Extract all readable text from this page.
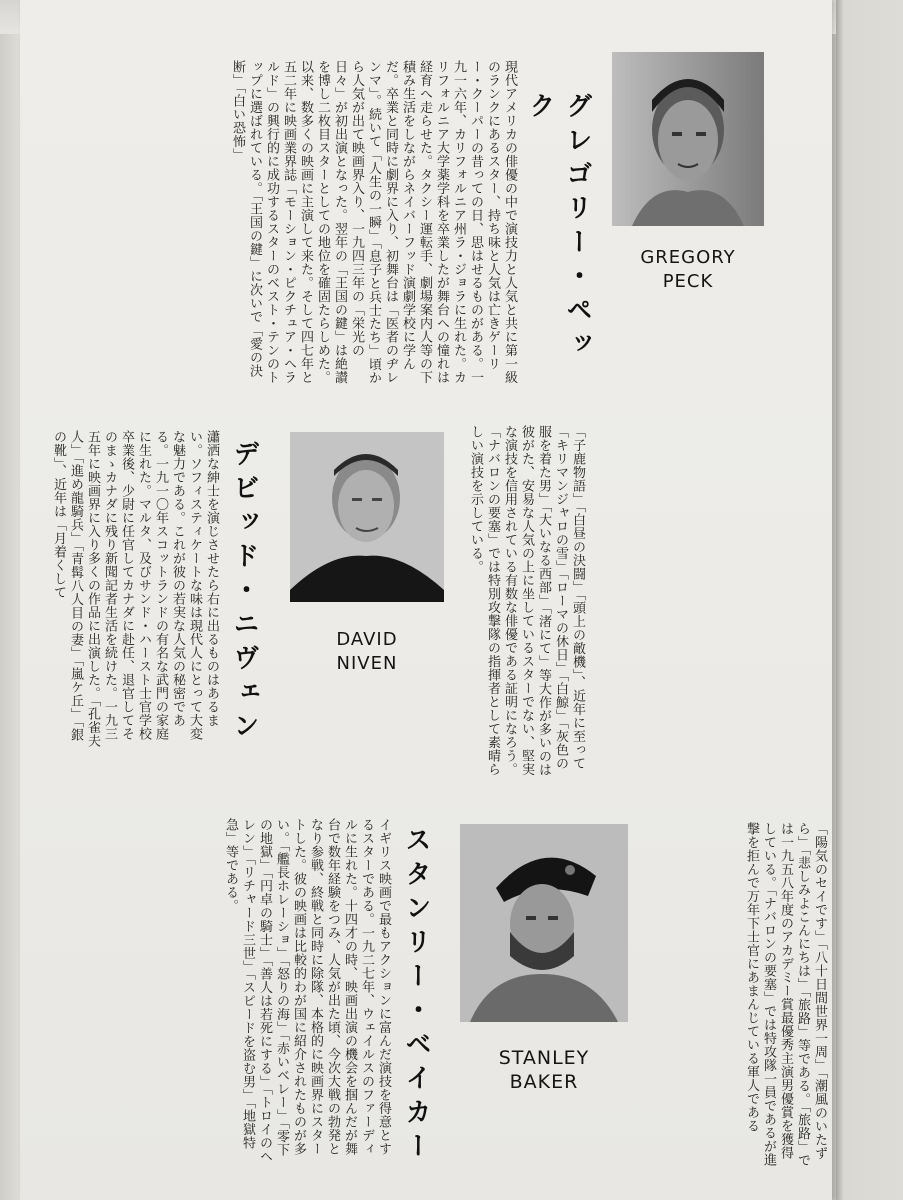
グレゴリー・ペック
現代アメリカの俳優の中で演技力と人気と共に第一級のランクにあるスター、持ち味と人気は亡きゲーリー・クーパーの昔っての日、思はせるものがある。一九一六年、カリフォルニア州ラ・ジョラに生れた。カリフォルニア大学薬学科を卒業したが舞台への憧れは経育へ走らせた。タクシー運転手、劇場案内人等の下積み生活をしながらネイバーフッド演劇学校に学んだ。卒業と同時に劇界に入り、初舞台は「医者のヂレンマ」。続いて「人生の一瞬」「息子と兵士たち」頃から人気が出て映画界入り、一九四三年の「栄光の日々」が初出演となった。翌年の「王国の鍵」は絶讃を博し二枚目スターとしての地位を確固たらしめた。以来、数多くの映画に主演して来た。そして四七年と五二年に映画業界誌「モーション・ピクチュア・ヘラルド」の興行的に成功するスターのベスト・テンのトップに選ばれている。「王国の鍵」に次いで「愛の決断」「白い恐怖」
GREGORY
PECK
「子鹿物語」「白昼の決闘」「頭上の敵機」、近年に至って「キリマンジャロの雪」「ローマの休日」「白鯨」「灰色の服を着た男」「大いなる西部」「渚にて」等大作が多いのは彼がた、安易な人気の上に坐しているスターでない、堅実な演技を信用されている有数な俳優である証明になろう。「ナバロンの要塞」では特別攻撃隊の指揮者として素晴らしい演技を示している。
DAVID
NIVEN
デビッド・ニヴェン
瀟洒な紳士を演じさせたら右に出るものはあるまい。ソフィスティケートな味は現代人にとって大変な魅力である。これが彼の若実な人気の秘密である。一九一〇年スコットランドの有名な武門の家庭に生れた。マルタ、及びサンド・ハースト士官学校卒業後、少尉に任官してカナダに赴任、退官してそのまゝカナダに残り新聞記者生活を続けた。一九三五年に映画界に入り多くの作品に出演した。「孔雀夫人」「進め龍騎兵」「青髯八人目の妻」「嵐ケ丘」「銀の靴」、近年は「月着くして
STANLEY
BAKER
スタンリー・ベイカー
イギリス映画で最もアクションに富んだ演技を得意とするスターである。一九二七年、ウェイルスのファーディルに生れた。十四才の時、映画出演の機会を掴んだが舞台で数年経験をつみ、人気が出た頃、今次大戦の勃発となり参戦、終戦と同時に除隊、本格的に映画界にスタートした。彼の映画は比較的わが国に紹介されたものが多い。「艦長ホレーショ」「怒りの海」「赤いベレー」「零下の地獄」「円卓の騎士」「善人は若死にする」「トロイのヘレン」「リチャード三世」「スピードを盗む男」「地獄特急」等である。	「陽気のセイです」「八十日間世界一周」「潮風のいたずら」「悲しみよこんにちは」「旅路」等である。「旅路」では一九五八年度のアカデミー賞最優秀主演男優賞を獲得している。「ナバロンの要塞」では特攻隊一員であるが進撃を拒んで万年下士官にあまんじている軍人である
